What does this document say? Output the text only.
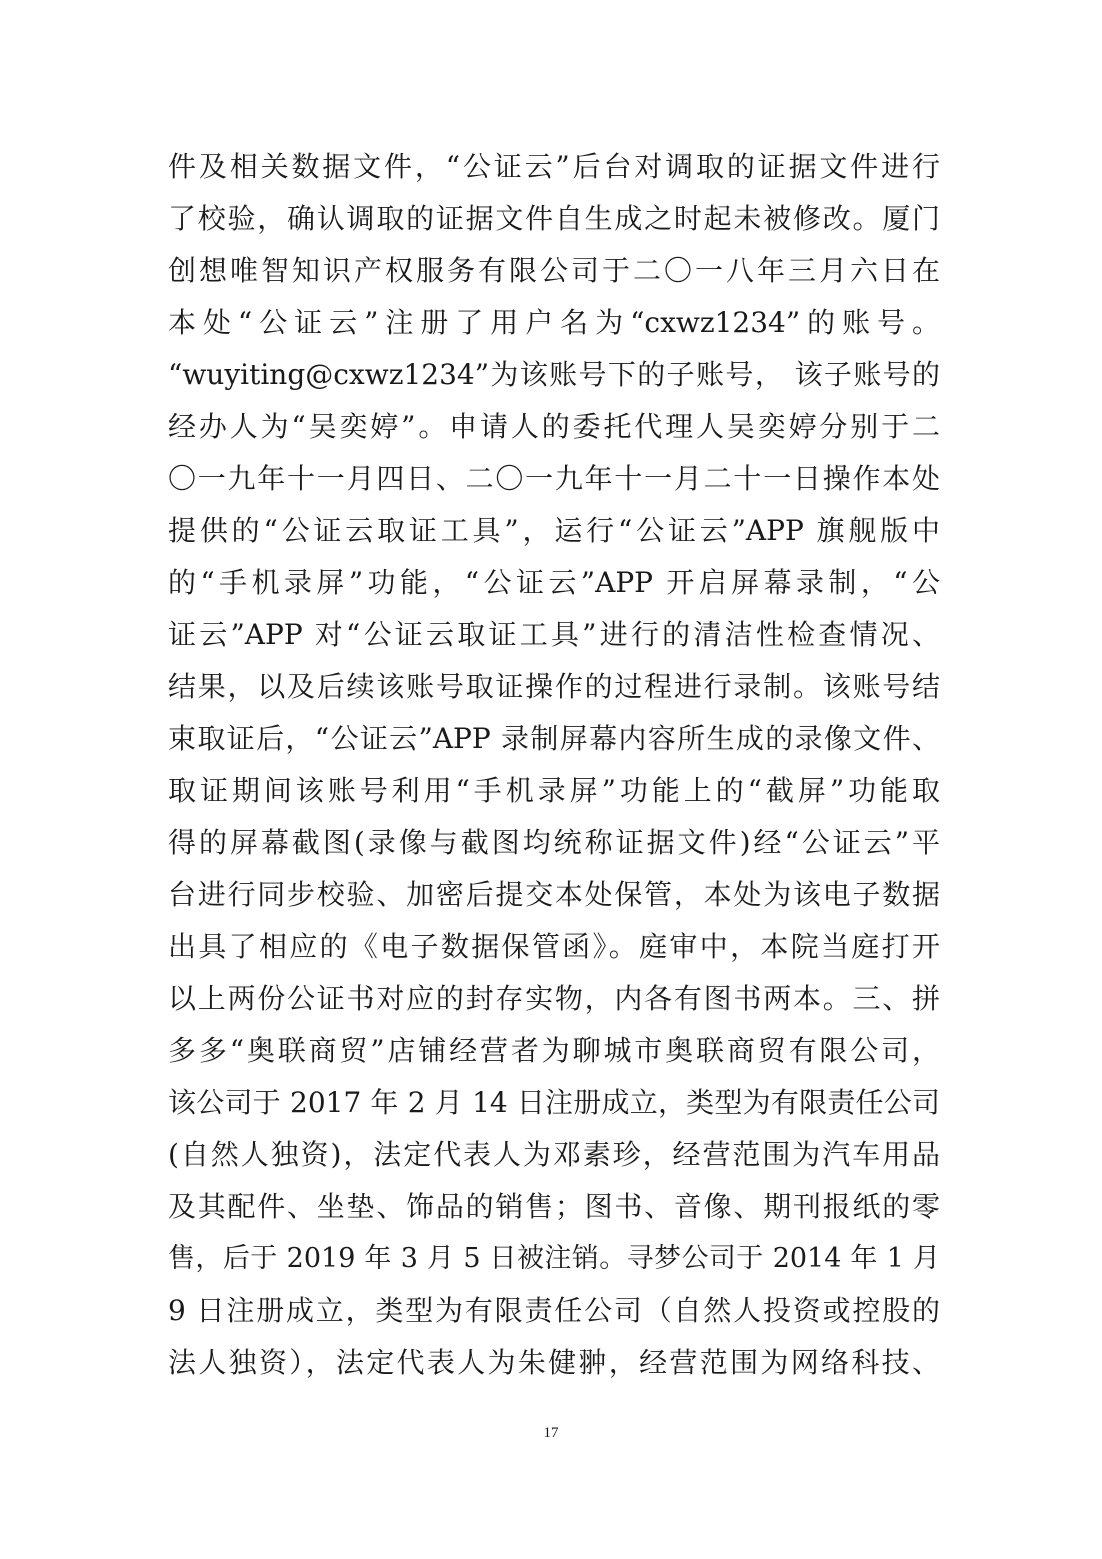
件及相关数据文件，“公证云”后台对调取的证据文件进行
了校验，确认调取的证据文件自生成之时起未被修改。厦门
创想唯智知识产权服务有限公司于二〇一八年三月六日在
本处“公证云”注册了用户名为“cxwz1234”的账号。
“wuyiting@cxwz1234”为该账号下的子账号， 该子账号的
经办人为“吴奕婷”。申请人的委托代理人吴奕婷分别于二
〇一九年十一月四日、二〇一九年十一月二十一日操作本处
提供的“公证云取证工具”，运行“公证云”APP 旗舰版中
的“手机录屏”功能，“公证云”APP 开启屏幕录制，“公
证云”APP 对“公证云取证工具”进行的清洁性检查情况、
结果，以及后续该账号取证操作的过程进行录制。该账号结
束取证后，“公证云”APP 录制屏幕内容所生成的录像文件、
取证期间该账号利用“手机录屏”功能上的“截屏”功能取
得的屏幕截图(录像与截图均统称证据文件)经“公证云”平
台进行同步校验、加密后提交本处保管，本处为该电子数据
出具了相应的《电子数据保管函》。庭审中，本院当庭打开
以上两份公证书对应的封存实物，内各有图书两本。三、拼
多多“奥联商贸”店铺经营者为聊城市奥联商贸有限公司，
该公司于 2017 年 2 月 14 日注册成立，类型为有限责任公司
(自然人独资)，法定代表人为邓素珍，经营范围为汽车用品
及其配件、坐垫、饰品的销售；图书、音像、期刊报纸的零
售，后于 2019 年 3 月 5 日被注销。寻梦公司于 2014 年 1 月
9 日注册成立，类型为有限责任公司（自然人投资或控股的
法人独资），法定代表人为朱健翀，经营范围为网络科技、
17
